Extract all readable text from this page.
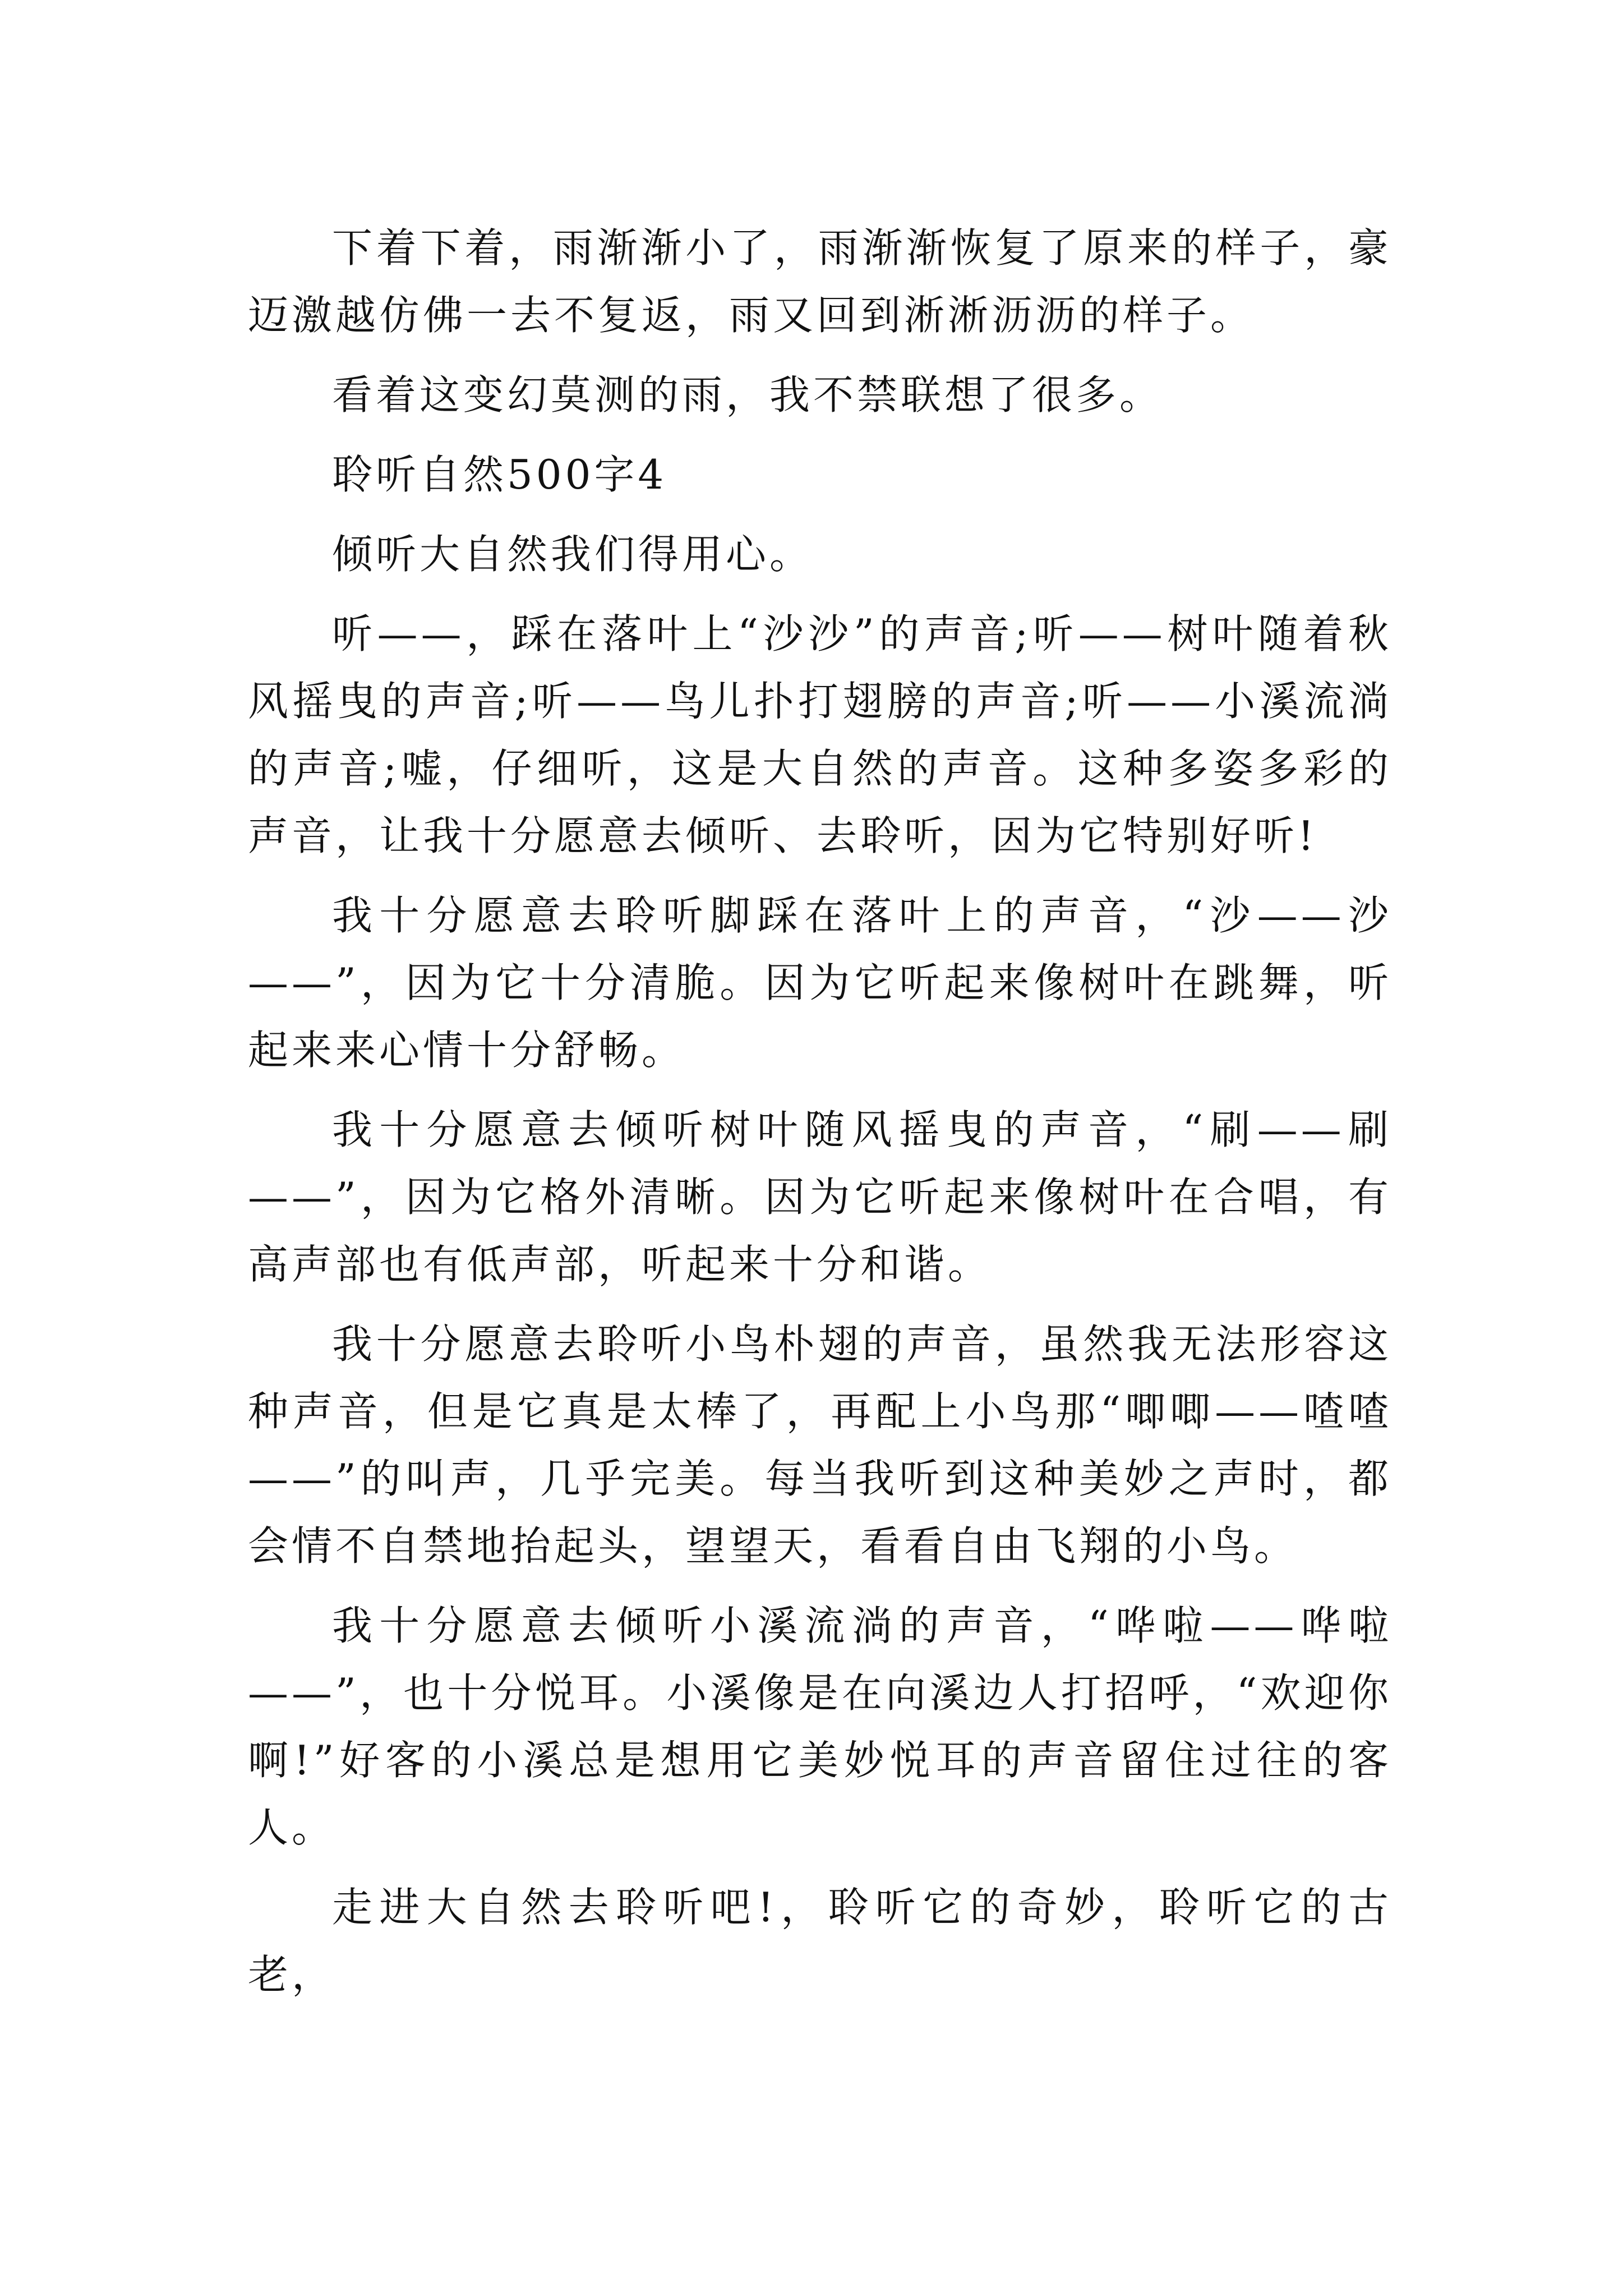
下着下着，雨渐渐小了，雨渐渐恢复了原来的样子，豪迈激越仿佛一去不复返，雨又回到淅淅沥沥的样子。

看着这变幻莫测的雨，我不禁联想了很多。

聆听自然500字4

倾听大自然我们得用心。

听——，踩在落叶上“沙沙”的声音;听——树叶随着秋风摇曳的声音;听——鸟儿扑打翅膀的声音;听——小溪流淌的声音;嘘，仔细听，这是大自然的声音。这种多姿多彩的声音，让我十分愿意去倾听、去聆听，因为它特别好听!

我十分愿意去聆听脚踩在落叶上的声音，“沙——沙——”，因为它十分清脆。因为它听起来像树叶在跳舞，听起来来心情十分舒畅。

我十分愿意去倾听树叶随风摇曳的声音，“刷——刷——”，因为它格外清晰。因为它听起来像树叶在合唱，有高声部也有低声部，听起来十分和谐。

我十分愿意去聆听小鸟朴翅的声音，虽然我无法形容这种声音，但是它真是太棒了，再配上小鸟那“唧唧——喳喳——”的叫声，几乎完美。每当我听到这种美妙之声时，都会情不自禁地抬起头，望望天，看看自由飞翔的小鸟。

我十分愿意去倾听小溪流淌的声音，“哗啦——哗啦——”，也十分悦耳。小溪像是在向溪边人打招呼，“欢迎你啊!”好客的小溪总是想用它美妙悦耳的声音留住过往的客人。

走进大自然去聆听吧!，聆听它的奇妙，聆听它的古老，
